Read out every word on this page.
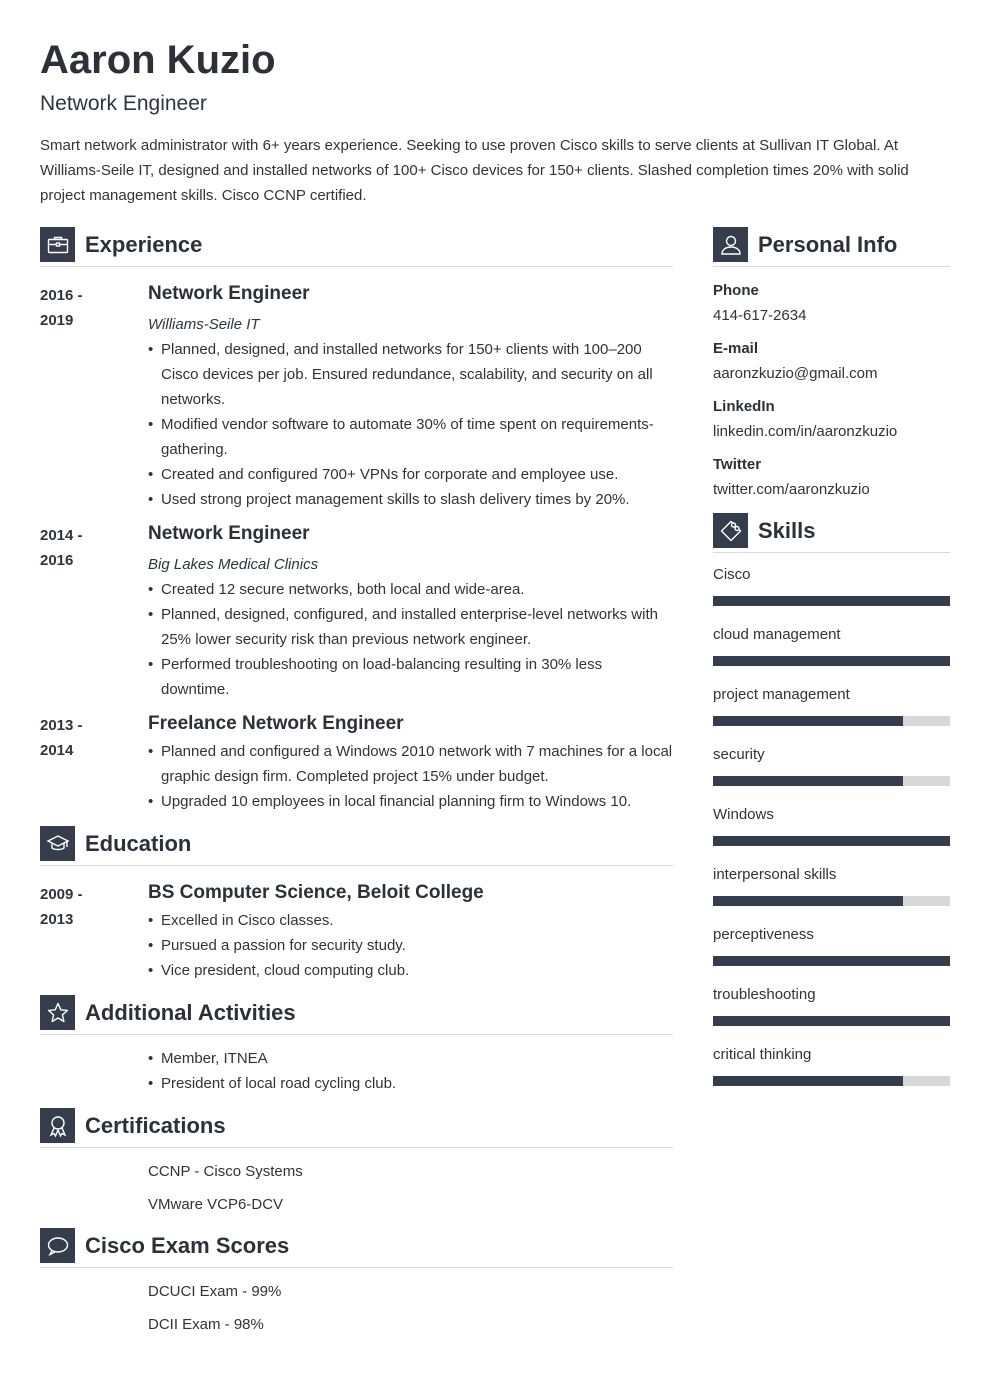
Aaron Kuzio
Network Engineer
Smart network administrator with 6+ years experience. Seeking to use proven Cisco skills to serve clients at Sullivan IT Global. At Williams-Seile IT, designed and installed networks of 100+ Cisco devices for 150+ clients. Slashed completion times 20% with solid project management skills. Cisco CCNP certified.
Experience
2016 -
2019
Network Engineer
Williams-Seile IT
• Planned, designed, and installed networks for 150+ clients with 100–200 Cisco devices per job. Ensured redundance, scalability, and security on all networks.
• Modified vendor software to automate 30% of time spent on requirements-gathering.
• Created and configured 700+ VPNs for corporate and employee use.
• Used strong project management skills to slash delivery times by 20%.
2014 -
2016
Network Engineer
Big Lakes Medical Clinics
• Created 12 secure networks, both local and wide-area.
• Planned, designed, configured, and installed enterprise-level networks with 25% lower security risk than previous network engineer.
• Performed troubleshooting on load-balancing resulting in 30% less downtime.
2013 -
2014
Freelance Network Engineer
• Planned and configured a Windows 2010 network with 7 machines for a local graphic design firm. Completed project 15% under budget.
• Upgraded 10 employees in local financial planning firm to Windows 10.
Education
2009 -
2013
BS Computer Science, Beloit College
• Excelled in Cisco classes.
• Pursued a passion for security study.
• Vice president, cloud computing club.
Additional Activities
• Member, ITNEA
• President of local road cycling club.
Certifications
CCNP - Cisco Systems
VMware VCP6-DCV
Cisco Exam Scores
DCUCI Exam - 99%
DCII Exam - 98%
Personal Info
Phone
414-617-2634
E-mail
aaronzkuzio@gmail.com
LinkedIn
linkedin.com/in/aaronzkuzio
Twitter
twitter.com/aaronzkuzio
Skills
Cisco
cloud management
project management
security
Windows
interpersonal skills
perceptiveness
troubleshooting
critical thinking
